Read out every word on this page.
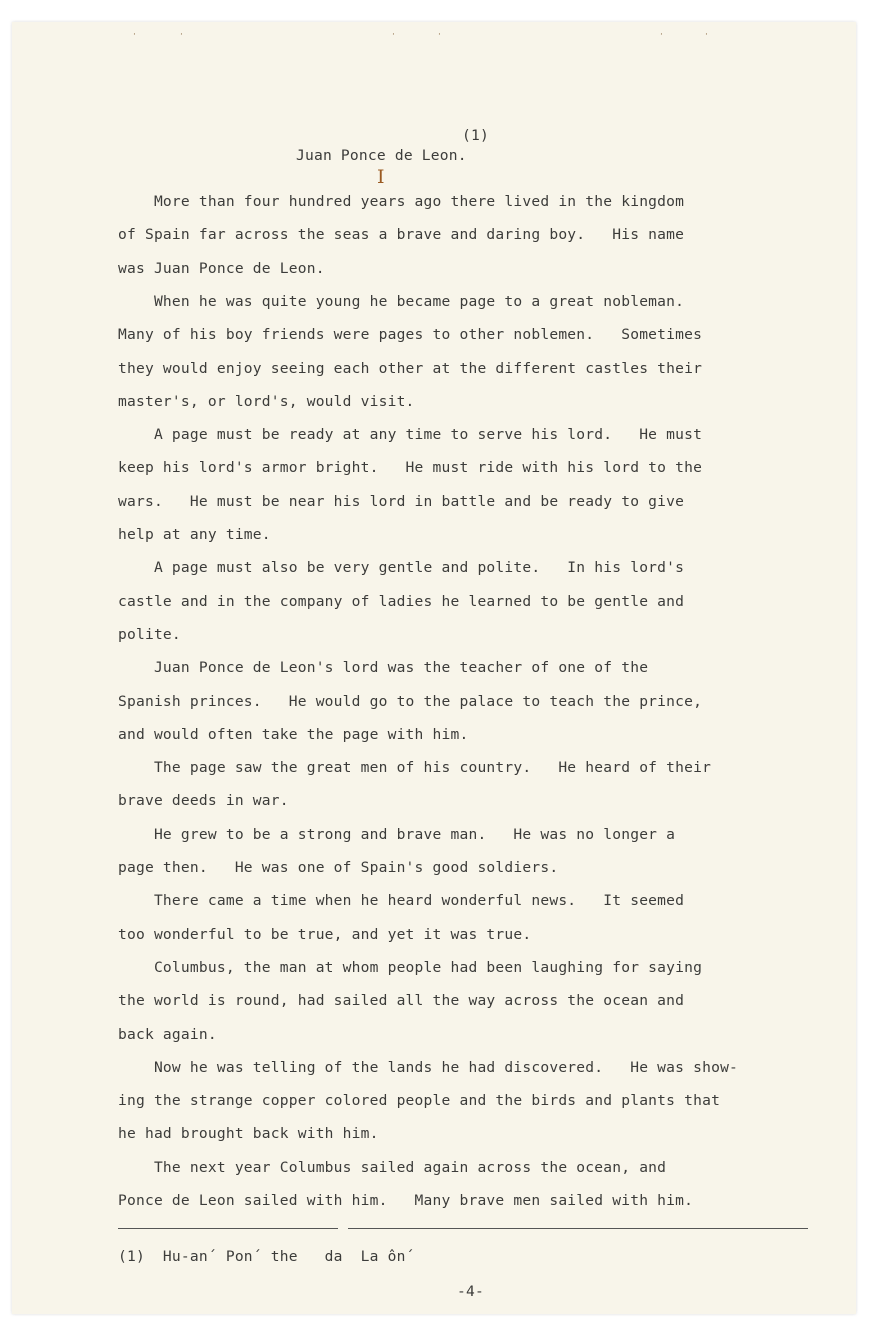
·	·	·	·	·	·
(1)
Juan Ponce de Leon.
I
More than four hundred years ago there lived in the kingdom
of Spain far across the seas a brave and daring boy.   His name
was Juan Ponce de Leon.
When he was quite young he became page to a great nobleman.
Many of his boy friends were pages to other noblemen.   Sometimes
they would enjoy seeing each other at the different castles their
master's, or lord's, would visit.
A page must be ready at any time to serve his lord.   He must
keep his lord's armor bright.   He must ride with his lord to the
wars.   He must be near his lord in battle and be ready to give
help at any time.
A page must also be very gentle and polite.   In his lord's
castle and in the company of ladies he learned to be gentle and
polite.
Juan Ponce de Leon's lord was the teacher of one of the
Spanish princes.   He would go to the palace to teach the prince,
and would often take the page with him.
The page saw the great men of his country.   He heard of their
brave deeds in war.
He grew to be a strong and brave man.   He was no longer a
page then.   He was one of Spain's good soldiers.
There came a time when he heard wonderful news.   It seemed
too wonderful to be true, and yet it was true.
Columbus, the man at whom people had been laughing for saying
the world is round, had sailed all the way across the ocean and
back again.
Now he was telling of the lands he had discovered.   He was show-
ing the strange copper colored people and the birds and plants that
he had brought back with him.
The next year Columbus sailed again across the ocean, and
Ponce de Leon sailed with him.   Many brave men sailed with him.
(1)  Hu-an´ Pon´ the   da  La ôn´
-4-
